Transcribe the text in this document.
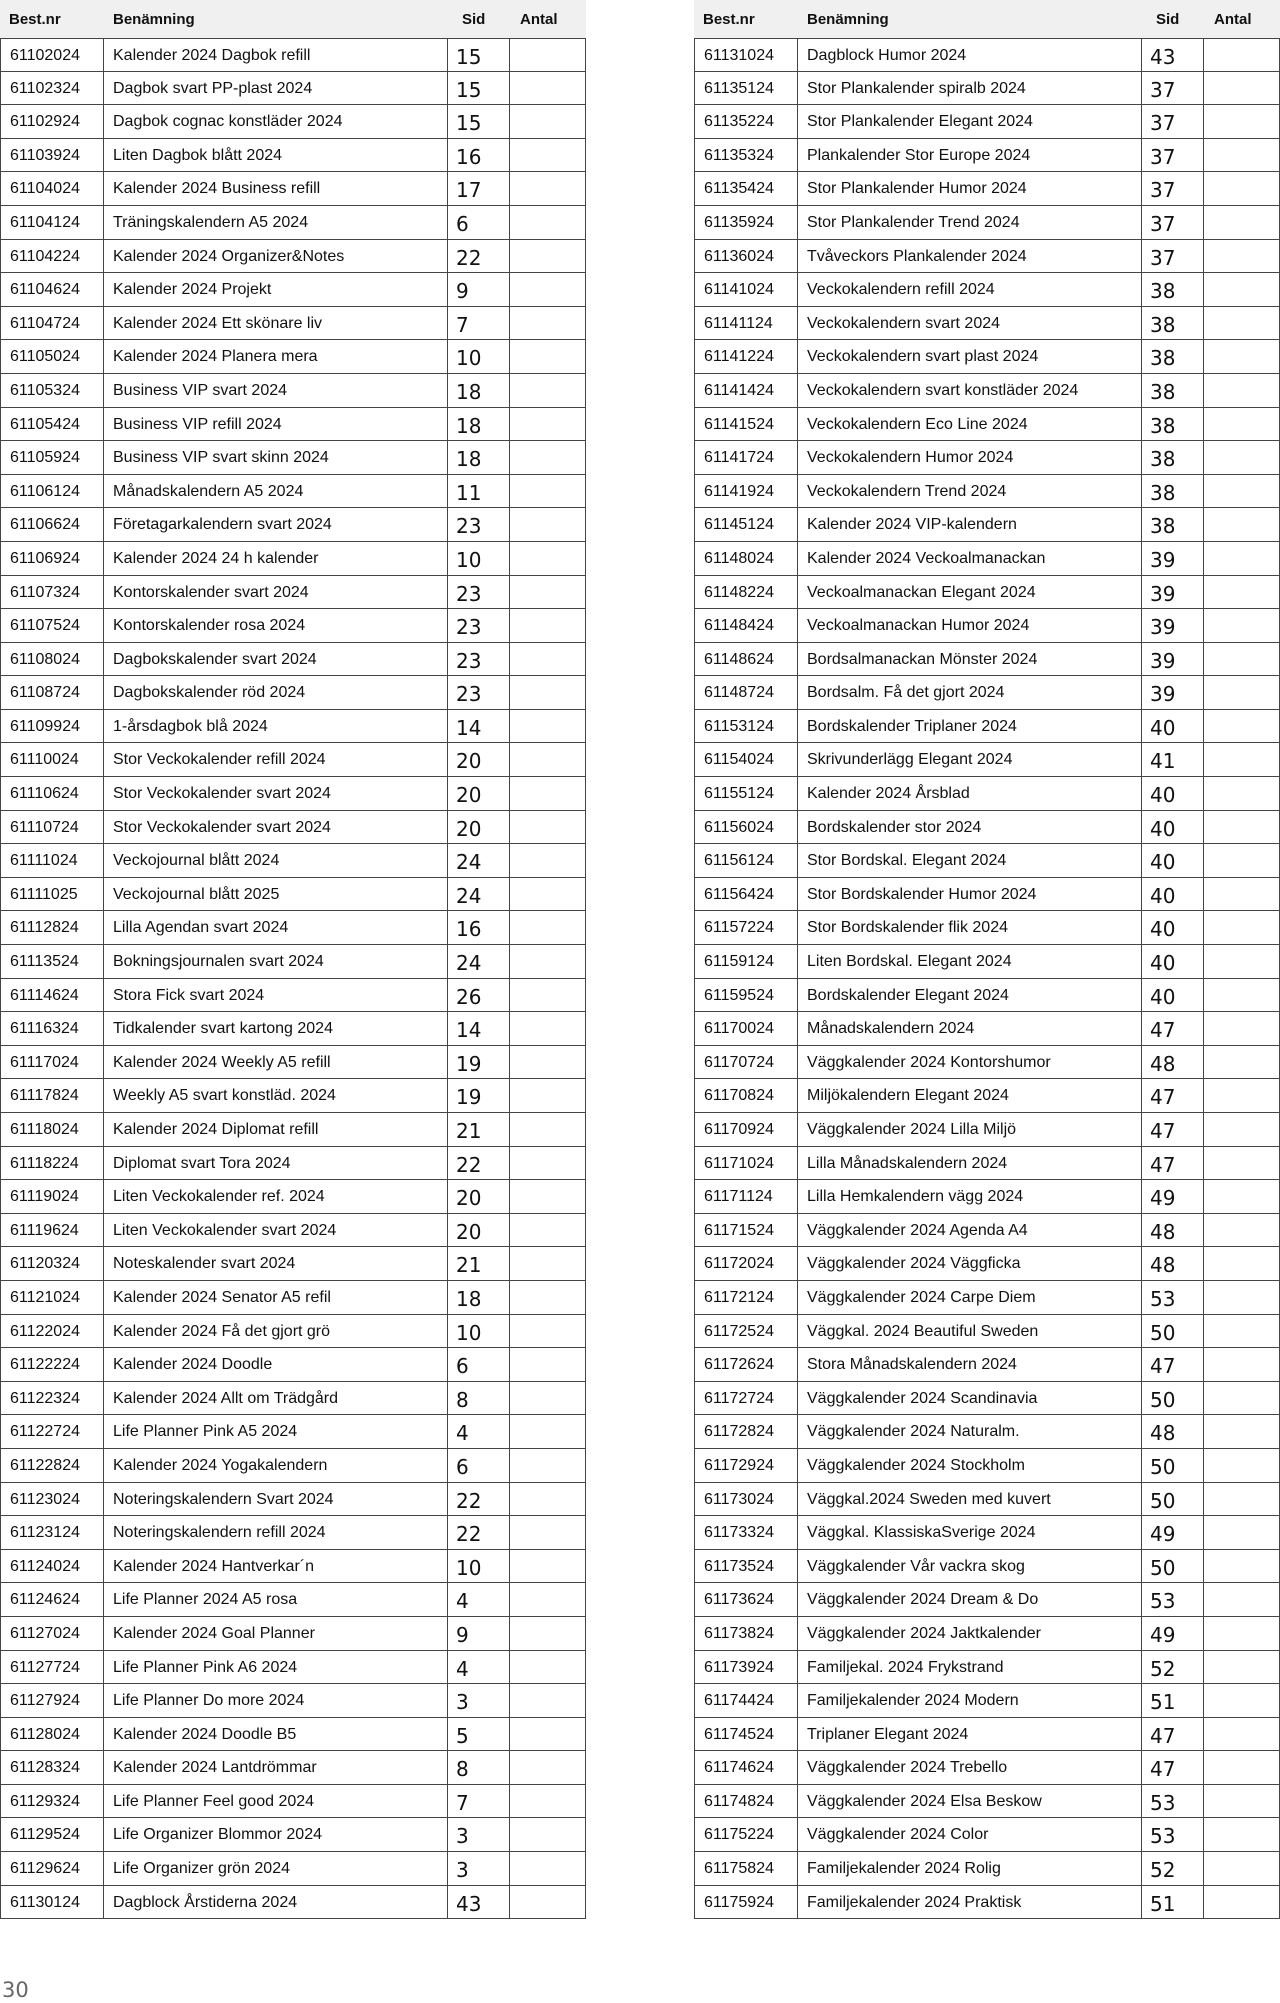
Best.nr	Benämning	Sid	Antal
61102024	Kalender 2024 Dagbok refill	15
61102324	Dagbok svart PP-plast 2024	15
61102924	Dagbok cognac konstläder 2024	15
61103924	Liten Dagbok blått 2024	16
61104024	Kalender 2024 Business refill	17
61104124	Träningskalendern A5 2024	6
61104224	Kalender 2024 Organizer&Notes	22
61104624	Kalender 2024 Projekt	9
61104724	Kalender 2024 Ett skönare liv	7
61105024	Kalender 2024 Planera mera	10
61105324	Business VIP svart 2024	18
61105424	Business VIP refill 2024	18
61105924	Business VIP svart skinn 2024	18
61106124	Månadskalendern A5 2024	11
61106624	Företagarkalendern svart 2024	23
61106924	Kalender 2024 24 h kalender	10
61107324	Kontorskalender svart 2024	23
61107524	Kontorskalender rosa 2024	23
61108024	Dagbokskalender svart 2024	23
61108724	Dagbokskalender röd 2024	23
61109924	1-årsdagbok blå 2024	14
61110024	Stor Veckokalender refill 2024	20
61110624	Stor Veckokalender svart 2024	20
61110724	Stor Veckokalender svart 2024	20
61111024	Veckojournal blått 2024	24
61111025	Veckojournal blått 2025	24
61112824	Lilla Agendan svart 2024	16
61113524	Bokningsjournalen svart 2024	24
61114624	Stora Fick svart 2024	26
61116324	Tidkalender svart kartong 2024	14
61117024	Kalender 2024 Weekly A5 refill	19
61117824	Weekly A5 svart konstläd. 2024	19
61118024	Kalender 2024 Diplomat refill	21
61118224	Diplomat svart Tora 2024	22
61119024	Liten Veckokalender ref. 2024	20
61119624	Liten Veckokalender svart 2024	20
61120324	Noteskalender svart 2024	21
61121024	Kalender 2024 Senator A5 refil	18
61122024	Kalender 2024 Få det gjort grö	10
61122224	Kalender 2024 Doodle	6
61122324	Kalender 2024 Allt om Trädgård	8
61122724	Life Planner Pink A5 2024	4
61122824	Kalender 2024 Yogakalendern	6
61123024	Noteringskalendern Svart 2024	22
61123124	Noteringskalendern refill 2024	22
61124024	Kalender 2024 Hantverkar´n	10
61124624	Life Planner 2024 A5 rosa	4
61127024	Kalender 2024 Goal Planner	9
61127724	Life Planner Pink A6 2024	4
61127924	Life Planner Do more 2024	3
61128024	Kalender 2024 Doodle B5	5
61128324	Kalender 2024 Lantdrömmar	8
61129324	Life Planner Feel good 2024	7
61129524	Life Organizer Blommor 2024	3
61129624	Life Organizer grön 2024	3
61130124	Dagblock Årstiderna 2024	43
Best.nr	Benämning	Sid	Antal
61131024	Dagblock Humor 2024	43
61135124	Stor Plankalender spiralb 2024	37
61135224	Stor Plankalender Elegant 2024	37
61135324	Plankalender Stor Europe 2024	37
61135424	Stor Plankalender Humor 2024	37
61135924	Stor Plankalender Trend 2024	37
61136024	Tvåveckors Plankalender 2024	37
61141024	Veckokalendern refill 2024	38
61141124	Veckokalendern svart 2024	38
61141224	Veckokalendern svart plast 2024	38
61141424	Veckokalendern svart konstläder 2024	38
61141524	Veckokalendern Eco Line 2024	38
61141724	Veckokalendern Humor 2024	38
61141924	Veckokalendern Trend 2024	38
61145124	Kalender 2024 VIP-kalendern	38
61148024	Kalender 2024 Veckoalmanackan	39
61148224	Veckoalmanackan Elegant 2024	39
61148424	Veckoalmanackan Humor 2024	39
61148624	Bordsalmanackan Mönster 2024	39
61148724	Bordsalm. Få det gjort 2024	39
61153124	Bordskalender Triplaner 2024	40
61154024	Skrivunderlägg Elegant 2024	41
61155124	Kalender 2024 Årsblad	40
61156024	Bordskalender stor 2024	40
61156124	Stor Bordskal. Elegant 2024	40
61156424	Stor Bordskalender Humor 2024	40
61157224	Stor Bordskalender flik 2024	40
61159124	Liten Bordskal. Elegant 2024	40
61159524	Bordskalender Elegant 2024	40
61170024	Månadskalendern 2024	47
61170724	Väggkalender 2024 Kontorshumor	48
61170824	Miljökalendern Elegant 2024	47
61170924	Väggkalender 2024 Lilla Miljö	47
61171024	Lilla Månadskalendern 2024	47
61171124	Lilla Hemkalendern vägg 2024	49
61171524	Väggkalender 2024 Agenda A4	48
61172024	Väggkalender 2024 Väggficka	48
61172124	Väggkalender 2024 Carpe Diem	53
61172524	Väggkal. 2024 Beautiful Sweden	50
61172624	Stora Månadskalendern 2024	47
61172724	Väggkalender 2024 Scandinavia	50
61172824	Väggkalender 2024 Naturalm.	48
61172924	Väggkalender 2024 Stockholm	50
61173024	Väggkal.2024 Sweden med kuvert	50
61173324	Väggkal. KlassiskaSverige 2024	49
61173524	Väggkalender Vår vackra skog	50
61173624	Väggkalender 2024 Dream & Do	53
61173824	Väggkalender 2024 Jaktkalender	49
61173924	Familjekal. 2024 Frykstrand	52
61174424	Familjekalender 2024 Modern	51
61174524	Triplaner Elegant 2024	47
61174624	Väggkalender 2024 Trebello	47
61174824	Väggkalender 2024 Elsa Beskow	53
61175224	Väggkalender 2024 Color	53
61175824	Familjekalender 2024 Rolig	52
61175924	Familjekalender 2024 Praktisk	51
30
